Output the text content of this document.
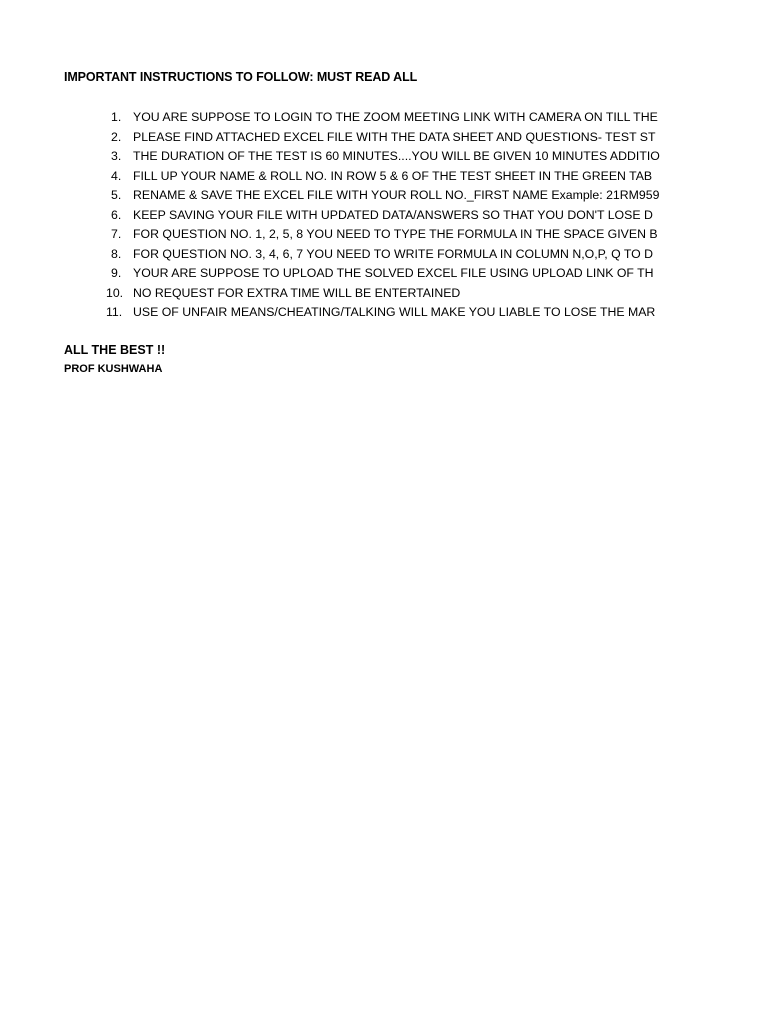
IMPORTANT INSTRUCTIONS TO FOLLOW: MUST READ ALL
1. YOU ARE SUPPOSE TO LOGIN TO THE ZOOM MEETING LINK WITH CAMERA ON TILL THE
2. PLEASE FIND ATTACHED EXCEL FILE WITH THE DATA SHEET AND QUESTIONS- TEST ST
3. THE DURATION OF THE TEST IS 60 MINUTES....YOU WILL BE GIVEN 10 MINUTES ADDITIO
4. FILL UP YOUR NAME & ROLL NO. IN ROW 5 & 6 OF THE TEST SHEET IN THE GREEN TAB
5. RENAME & SAVE THE EXCEL FILE WITH YOUR ROLL NO._FIRST NAME Example: 21RM959
6. KEEP SAVING YOUR FILE WITH UPDATED DATA/ANSWERS SO THAT YOU DON'T LOSE D
7. FOR QUESTION NO. 1, 2, 5, 8 YOU NEED TO TYPE THE FORMULA IN THE SPACE GIVEN B
8. FOR QUESTION NO. 3, 4, 6, 7 YOU NEED TO WRITE FORMULA IN COLUMN N,O,P, Q TO D
9. YOUR ARE SUPPOSE TO UPLOAD THE SOLVED EXCEL FILE USING UPLOAD LINK OF TH
10. NO REQUEST FOR EXTRA TIME WILL BE ENTERTAINED
11. USE OF UNFAIR MEANS/CHEATING/TALKING WILL MAKE YOU LIABLE TO LOSE THE MAR
ALL THE BEST !!
PROF KUSHWAHA
